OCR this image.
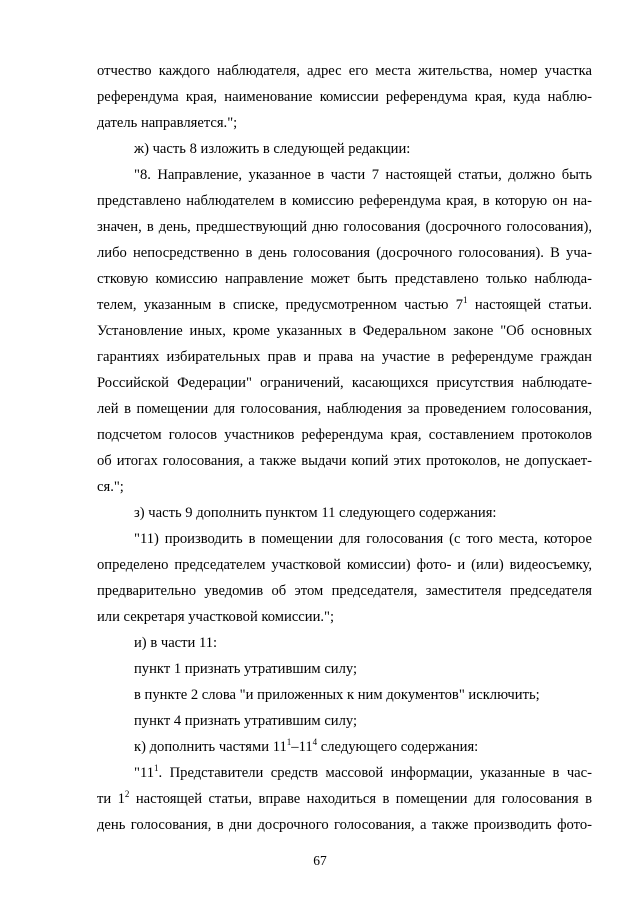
отчество каждого наблюдателя, адрес его места жительства, номер участка
референдума края, наименование комиссии референдума края, куда наблю-
датель направляется.";
ж) часть 8 изложить в следующей редакции:
"8. Направление, указанное в части 7 настоящей статьи, должно быть
представлено наблюдателем в комиссию референдума края, в которую он на-
значен, в день, предшествующий дню голосования (досрочного голосования),
либо непосредственно в день голосования (досрочного голосования). В уча-
стковую комиссию направление может быть представлено только наблюда-
телем, указанным в списке, предусмотренном частью $7^1$ настоящей статьи.
Установление иных, кроме указанных в Федеральном законе "Об основных
гарантиях избирательных прав и права на участие в референдуме граждан
Российской Федерации" ограничений, касающихся присутствия наблюдате-
лей в помещении для голосования, наблюдения за проведением голосования,
подсчетом голосов участников референдума края, составлением протоколов
об итогах голосования, а также выдачи копий этих протоколов, не допускает-
ся.";
з) часть 9 дополнить пунктом 11 следующего содержания:
"11) производить в помещении для голосования (с того места, которое
определено председателем участковой комиссии) фото- и (или) видеосъемку,
предварительно уведомив об этом председателя, заместителя председателя
или секретаря участковой комиссии.";
и) в части 11:
пункт 1 признать утратившим силу;
в пункте 2 слова "и приложенных к ним документов" исключить;
пункт 4 признать утратившим силу;
к) дополнить частями $11^1-11^4$ следующего содержания:
"$11^1$. Представители средств массовой информации, указанные в час-
ти $1^2$ настоящей статьи, вправе находиться в помещении для голосования в
день голосования, в дни досрочного голосования, а также производить фото-
67
